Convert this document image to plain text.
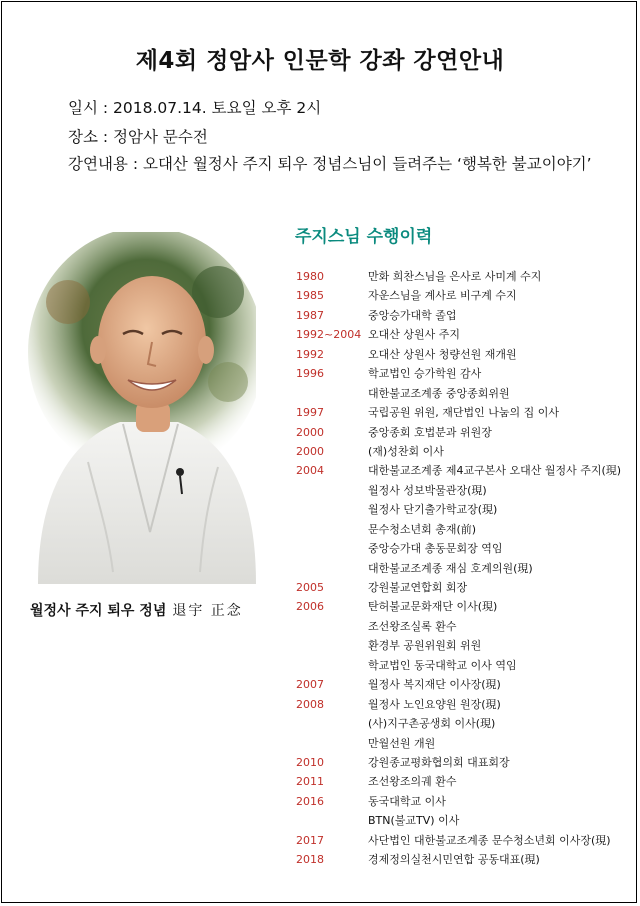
제4회 정암사 인문학 강좌 강연안내
일시 : 2018.07.14. 토요일 오후 2시
장소 : 정암사 문수전
강연내용 : 오대산 월정사 주지 퇴우 정념스님이 들려주는 ‘행복한 불교이야기’
월정사 주지 퇴우 정념 退宇 正念
주지스님 수행이력
1980	만화 희찬스님을 은사로 사미계 수지
1985	자운스님을 계사로 비구계 수지
1987	중앙승가대학 졸업
1992~2004 오대산 상원사 주지
1992	오대산 상원사 청량선원 재개원
1996	학교법인 승가학원 감사
대한불교조계종 중앙종회위원
1997	국립공원 위원, 재단법인 나눔의 집 이사
2000	중앙종회 호법분과 위원장
2000	(재)성찬회 이사
2004	대한불교조계종 제4교구본사 오대산 월정사 주지(現)
월정사 성보박물관장(現)
월정사 단기출가학교장(現)
문수청소년회 총재(前)
중앙승가대 총동문회장 역임
대한불교조계종 재심 호계의원(現)
2005	강원불교연합회 회장
2006	탄허불교문화재단 이사(現)
조선왕조실록 환수
환경부 공원위원회 위원
학교법인 동국대학교 이사 역임
2007	월정사 복지재단 이사장(現)
2008	월정사 노인요양원 원장(現)
(사)지구촌공생회 이사(現)
만월선원 개원
2010	강원종교평화협의회 대표회장
2011	조선왕조의궤 환수
2016	동국대학교 이사
BTN(불교TV) 이사
2017	사단법인 대한불교조계종 문수청소년회 이사장(現)
2018	경제정의실천시민연합 공동대표(現)
